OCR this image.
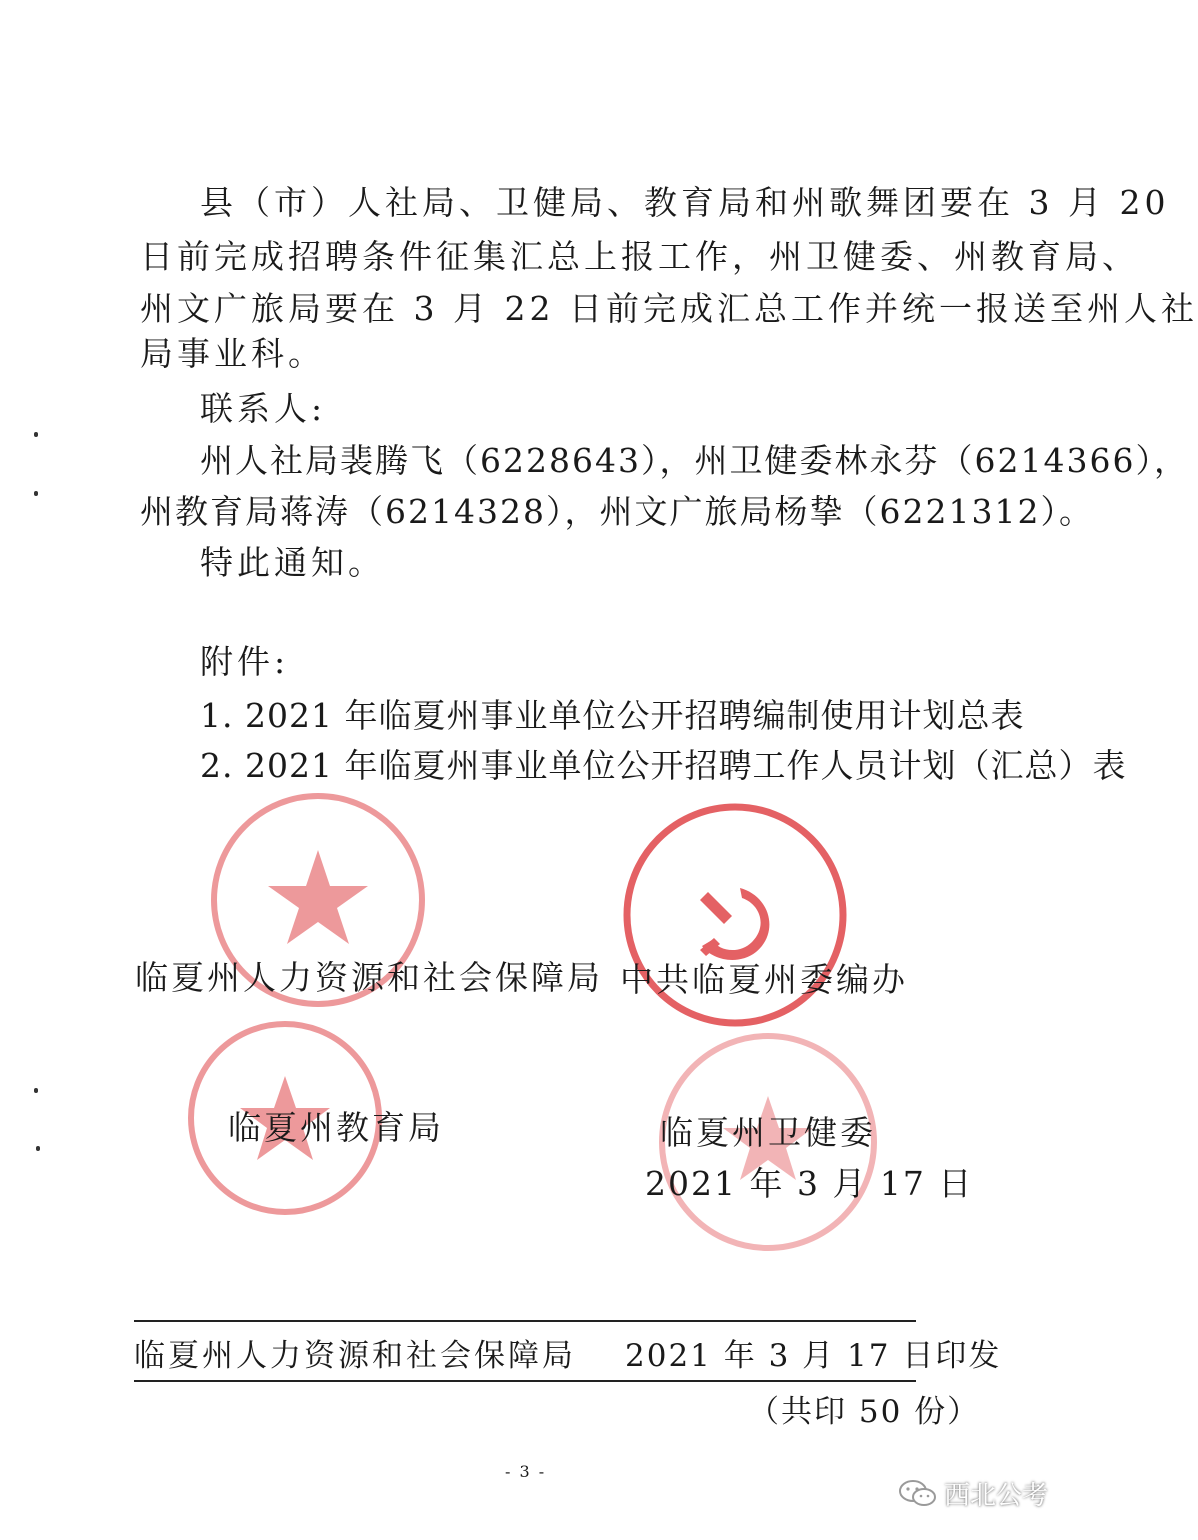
县（市）人社局、卫健局、教育局和州歌舞团要在 3 月 20
日前完成招聘条件征集汇总上报工作，州卫健委、州教育局、
州文广旅局要在 3 月 22 日前完成汇总工作并统一报送至州人社
局事业科。
联系人:
州人社局裴腾飞（6228643），州卫健委林永芬（6214366），
州教育局蒋涛（6214328），州文广旅局杨挚（6221312）。
特此通知。
附件:
1. 2021 年临夏州事业单位公开招聘编制使用计划总表
2. 2021 年临夏州事业单位公开招聘工作人员计划（汇总）表
临夏州人力资源和社会保障局 中共临夏州委编办
临夏州教育局	临夏州卫健委
2021 年 3 月 17 日
临夏州人力资源和社会保障局 2021 年 3 月 17 日印发
（共印 50 份）
- 3 -
西北公考
